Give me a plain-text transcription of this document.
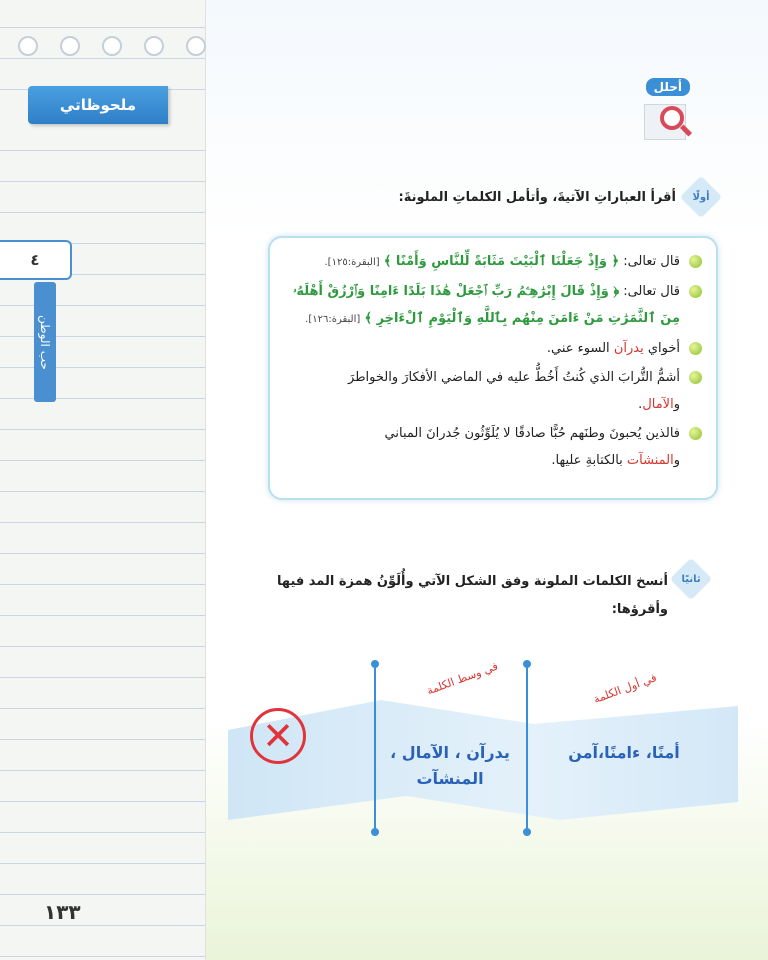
ملحوظاتي
٤
حب الوطن
١٣٣
أحلل
أولًا
أقرأ العباراتِ الآتيةَ، وأتأمل الكلماتِ الملونةَ:
قال تعالى: ﴿ وَإِذْ جَعَلْنَا ٱلْبَيْتَ مَثَابَةً لِّلنَّاسِ وَأَمْنًا ﴾ [البقرة:١٢٥].
قال تعالى: ﴿ وَإِذْ قَالَ إِبْرَٰهِـۧمُ رَبِّ ٱجْعَلْ هَٰذَا بَلَدًا ءَامِنًا وَٱرْزُقْ أَهْلَهُۥ
مِنَ ٱلثَّمَرَٰتِ مَنْ ءَامَنَ مِنْهُم بِٱللَّهِ وَٱلْيَوْمِ ٱلْءَاخِرِ ﴾ [البقرة:١٢٦].
أخواي يدرآن السوء عني.
أشمُّ التُّرابَ الذي كُنتُ أَخُطُّ عليه في الماضي الأفكارَ والخواطرَ
والآمال.
فالذين يُحبونَ وطنَهم حُبًّا صادقًا لا يُلَوِّثُون جُدرانَ المباني
والمنشآت بالكتابةِ عليها.
ثانيًا
أنسخ الكلمات الملونة وفق الشكل الآتي وأُلَوِّنُ همزة المد فيها
وأقرؤها:
في أول الكلمة
في وسط الكلمة
أمنًا، ءامنًا،آمن
يدرآن ، الآمال ،
المنشآت
✕
